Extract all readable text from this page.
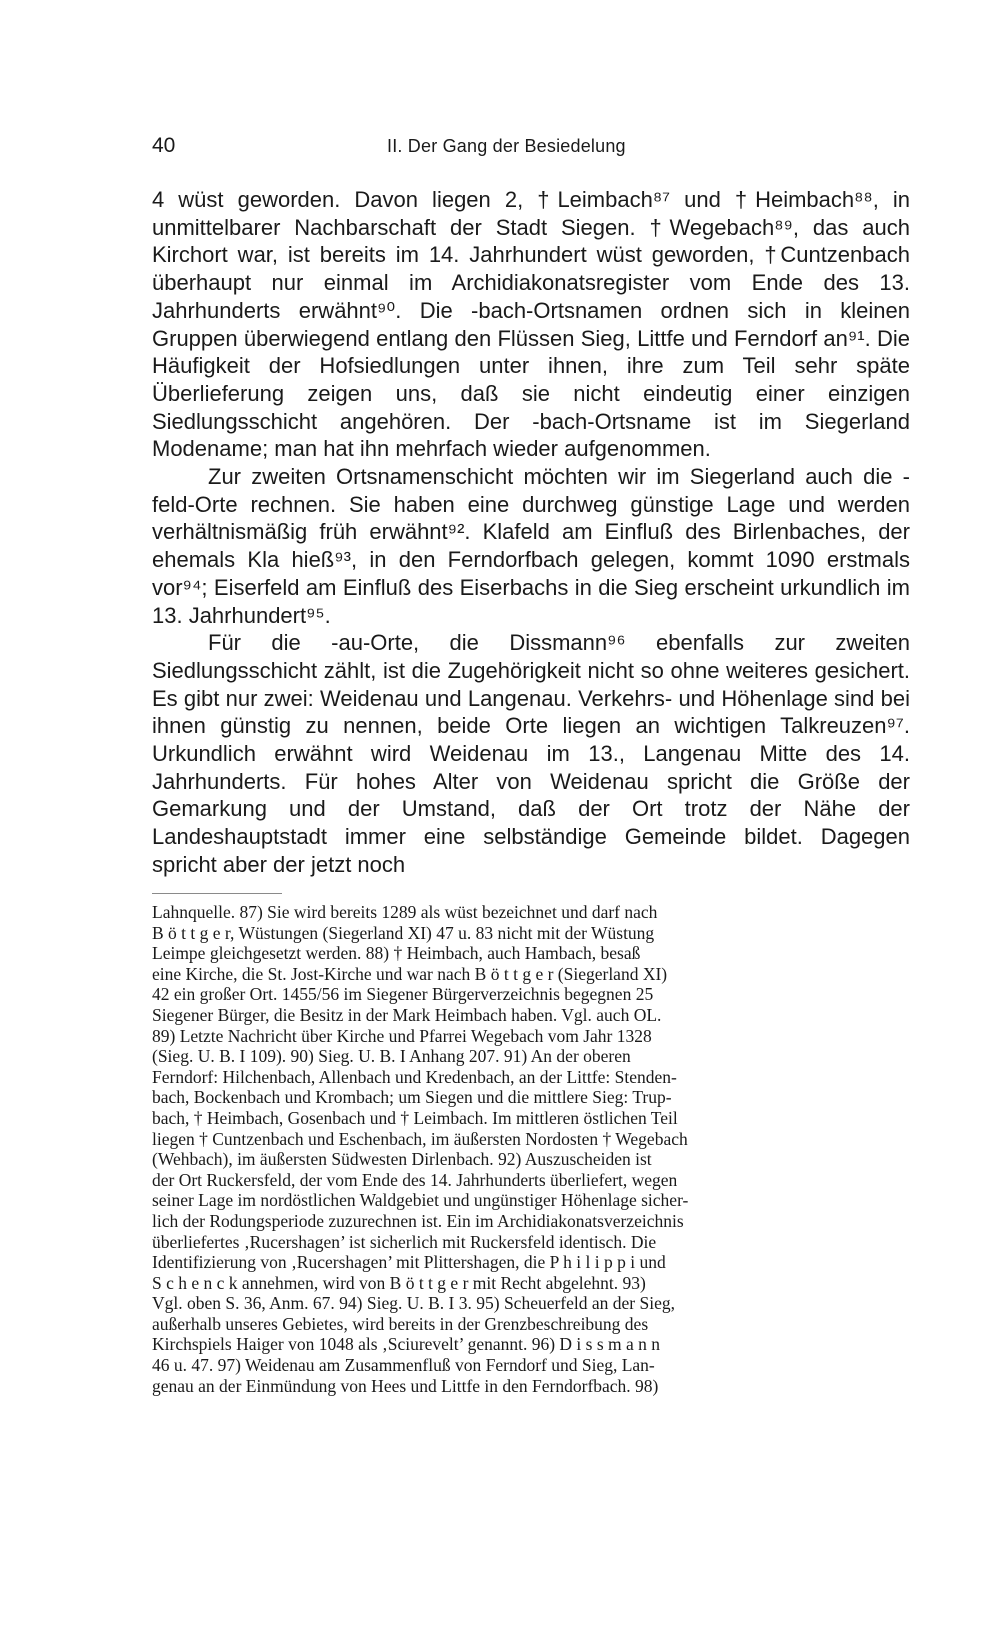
40	II. Der Gang der Besiedelung

4 wüst geworden. Davon liegen 2, †Leimbach⁸⁷ und †Heimbach⁸⁸, in unmittelbarer Nachbarschaft der Stadt Siegen. †Wegebach⁸⁹, das auch Kirchort war, ist bereits im 14. Jahrhundert wüst geworden, †Cuntzenbach überhaupt nur einmal im Archidiakonatsregister vom Ende des 13. Jahrhunderts erwähnt⁹⁰. Die -bach-Ortsnamen ordnen sich in kleinen Gruppen überwiegend entlang den Flüssen Sieg, Littfe und Ferndorf an⁹¹. Die Häufigkeit der Hofsiedlungen unter ihnen, ihre zum Teil sehr späte Überlieferung zeigen uns, daß sie nicht eindeutig einer einzigen Siedlungsschicht angehören. Der -bach-Ortsname ist im Siegerland Modename; man hat ihn mehrfach wieder aufgenommen.

Zur zweiten Ortsnamenschicht möchten wir im Siegerland auch die -feld-Orte rechnen. Sie haben eine durchweg günstige Lage und werden verhältnismäßig früh erwähnt⁹². Klafeld am Einfluß des Birlenbaches, der ehemals Kla hieß⁹³, in den Ferndorfbach gelegen, kommt 1090 erstmals vor⁹⁴; Eiserfeld am Einfluß des Eiserbachs in die Sieg erscheint urkundlich im 13. Jahrhundert⁹⁵.

Für die -au-Orte, die Dissmann⁹⁶ ebenfalls zur zweiten Siedlungsschicht zählt, ist die Zugehörigkeit nicht so ohne weiteres gesichert. Es gibt nur zwei: Weidenau und Langenau. Verkehrs- und Höhenlage sind bei ihnen günstig zu nennen, beide Orte liegen an wichtigen Talkreuzen⁹⁷. Urkundlich erwähnt wird Weidenau im 13., Langenau Mitte des 14. Jahrhunderts. Für hohes Alter von Weidenau spricht die Größe der Gemarkung und der Umstand, daß der Ort trotz der Nähe der Landeshauptstadt immer eine selbständige Gemeinde bildet. Dagegen spricht aber der jetzt noch

Lahnquelle. 87) Sie wird bereits 1289 als wüst bezeichnet und darf nach
B ö t t g e r, Wüstungen (Siegerland XI) 47 u. 83 nicht mit der Wüstung
Leimpe gleichgesetzt werden. 88) † Heimbach, auch Hambach, besaß
eine Kirche, die St. Jost-Kirche und war nach B ö t t g e r (Siegerland XI)
42 ein großer Ort. 1455/56 im Siegener Bürgerverzeichnis begegnen 25
Siegener Bürger, die Besitz in der Mark Heimbach haben. Vgl. auch OL.
89) Letzte Nachricht über Kirche und Pfarrei Wegebach vom Jahr 1328
(Sieg. U. B. I 109). 90) Sieg. U. B. I Anhang 207. 91) An der oberen
Ferndorf: Hilchenbach, Allenbach und Kredenbach, an der Littfe: Stenden-
bach, Bockenbach und Krombach; um Siegen und die mittlere Sieg: Trup-
bach, † Heimbach, Gosenbach und † Leimbach. Im mittleren östlichen Teil
liegen † Cuntzenbach und Eschenbach, im äußersten Nordosten † Wegebach
(Wehbach), im äußersten Südwesten Dirlenbach. 92) Auszuscheiden ist
der Ort Ruckersfeld, der vom Ende des 14. Jahrhunderts überliefert, wegen
seiner Lage im nordöstlichen Waldgebiet und ungünstiger Höhenlage sicher-
lich der Rodungsperiode zuzurechnen ist. Ein im Archidiakonatsverzeichnis
überliefertes ‚Rucershagen’ ist sicherlich mit Ruckersfeld identisch. Die
Identifizierung von ‚Rucershagen’ mit Plittershagen, die P h i l i p p i und
S c h e n c k annehmen, wird von B ö t t g e r mit Recht abgelehnt. 93)
Vgl. oben S. 36, Anm. 67. 94) Sieg. U. B. I 3. 95) Scheuerfeld an der Sieg,
außerhalb unseres Gebietes, wird bereits in der Grenzbeschreibung des
Kirchspiels Haiger von 1048 als ‚Sciurevelt’ genannt. 96) D i s s m a n n
46 u. 47. 97) Weidenau am Zusammenfluß von Ferndorf und Sieg, Lan-
genau an der Einmündung von Hees und Littfe in den Ferndorfbach. 98)
